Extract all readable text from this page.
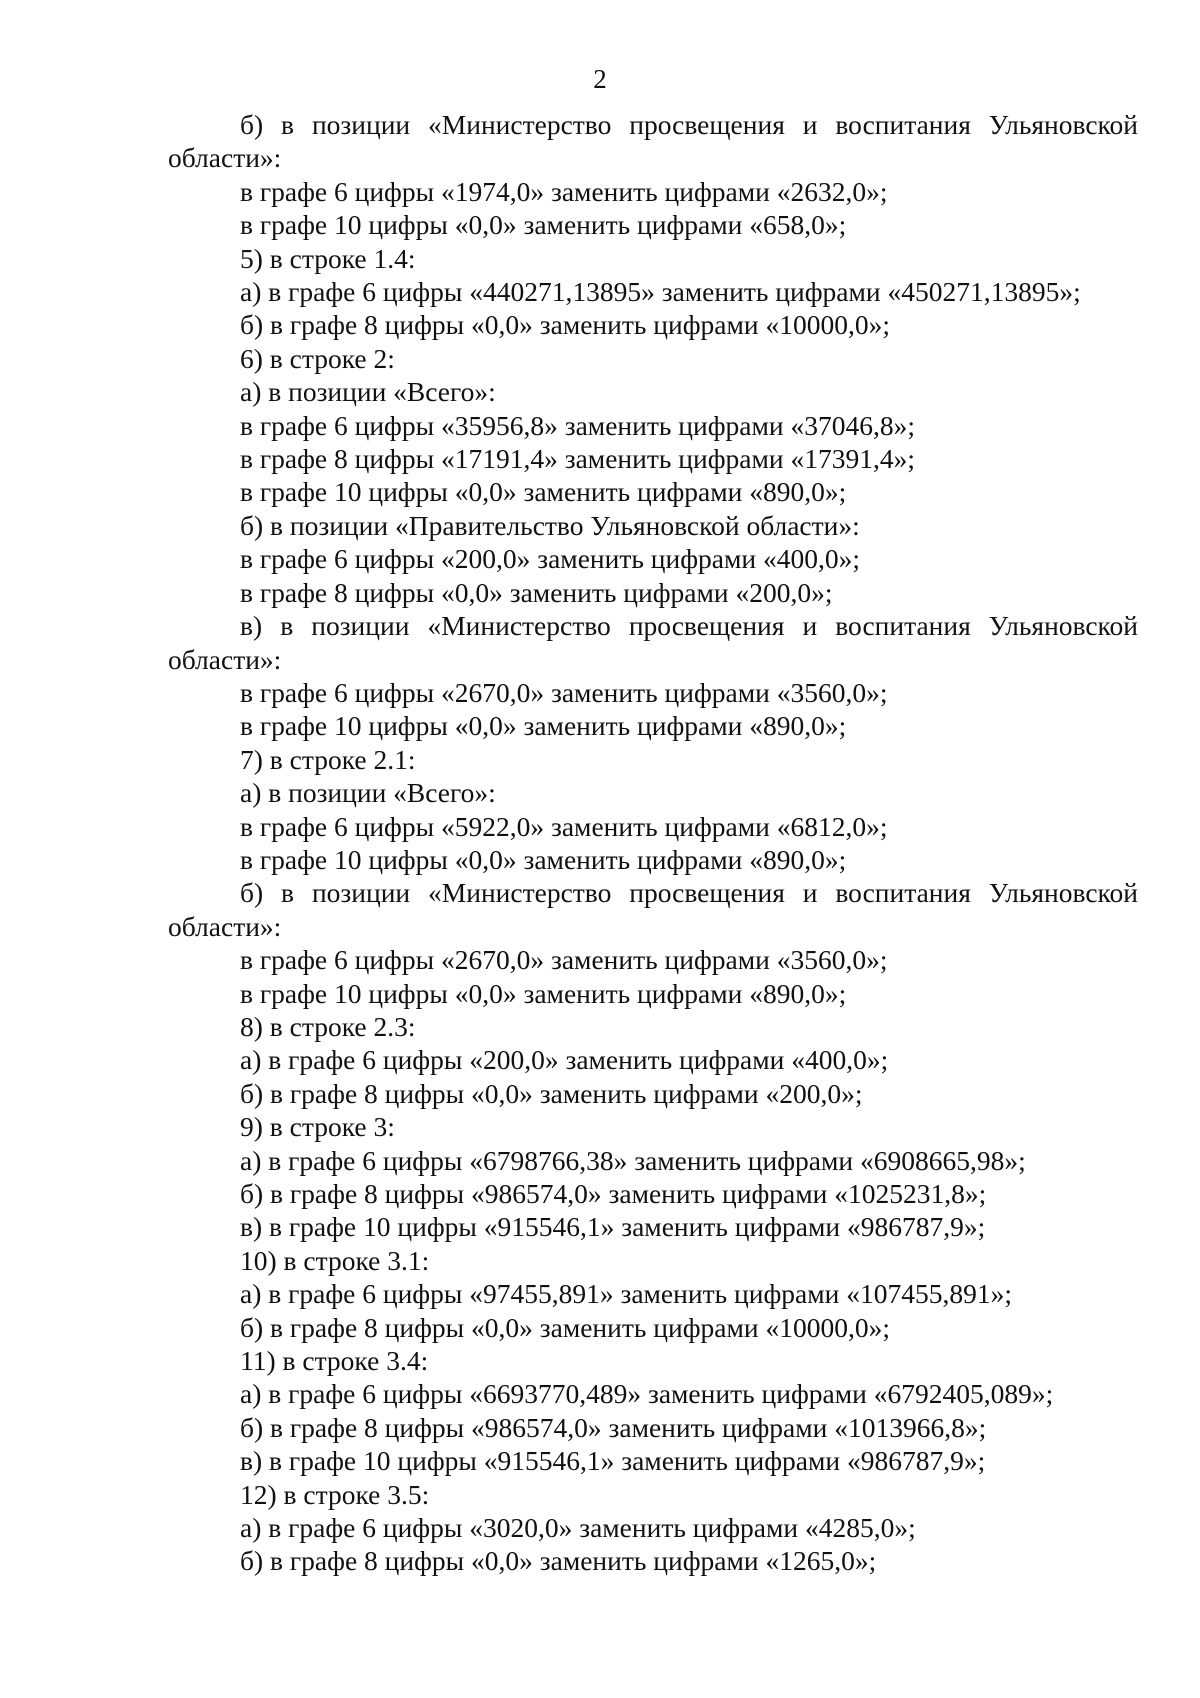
2
б) в позиции «Министерство просвещения и воспитания Ульяновской области»:
в графе 6 цифры «1974,0» заменить цифрами «2632,0»;
в графе 10 цифры «0,0» заменить цифрами «658,0»;
5) в строке 1.4:
а) в графе 6 цифры «440271,13895» заменить цифрами «450271,13895»;
б) в графе 8 цифры «0,0» заменить цифрами «10000,0»;
6) в строке 2:
а) в позиции «Всего»:
в графе 6 цифры «35956,8» заменить цифрами «37046,8»;
в графе 8 цифры «17191,4» заменить цифрами «17391,4»;
в графе 10 цифры «0,0» заменить цифрами «890,0»;
б) в позиции «Правительство Ульяновской области»:
в графе 6 цифры «200,0» заменить цифрами «400,0»;
в графе 8 цифры «0,0» заменить цифрами «200,0»;
в) в позиции «Министерство просвещения и воспитания Ульяновской области»:
в графе 6 цифры «2670,0» заменить цифрами «3560,0»;
в графе 10 цифры «0,0» заменить цифрами «890,0»;
7) в строке 2.1:
а) в позиции «Всего»:
в графе 6 цифры «5922,0» заменить цифрами «6812,0»;
в графе 10 цифры «0,0» заменить цифрами «890,0»;
б) в позиции «Министерство просвещения и воспитания Ульяновской области»:
в графе 6 цифры «2670,0» заменить цифрами «3560,0»;
в графе 10 цифры «0,0» заменить цифрами «890,0»;
8) в строке 2.3:
а) в графе 6 цифры «200,0» заменить цифрами «400,0»;
б) в графе 8 цифры «0,0» заменить цифрами «200,0»;
9) в строке 3:
а) в графе 6 цифры «6798766,38» заменить цифрами «6908665,98»;
б) в графе 8 цифры «986574,0» заменить цифрами «1025231,8»;
в) в графе 10 цифры «915546,1» заменить цифрами «986787,9»;
10) в строке 3.1:
а) в графе 6 цифры «97455,891» заменить цифрами «107455,891»;
б) в графе 8 цифры «0,0» заменить цифрами «10000,0»;
11) в строке 3.4:
а) в графе 6 цифры «6693770,489» заменить цифрами «6792405,089»;
б) в графе 8 цифры «986574,0» заменить цифрами «1013966,8»;
в) в графе 10 цифры «915546,1» заменить цифрами «986787,9»;
12) в строке 3.5:
а) в графе 6 цифры «3020,0» заменить цифрами «4285,0»;
б) в графе 8 цифры «0,0» заменить цифрами «1265,0»;
